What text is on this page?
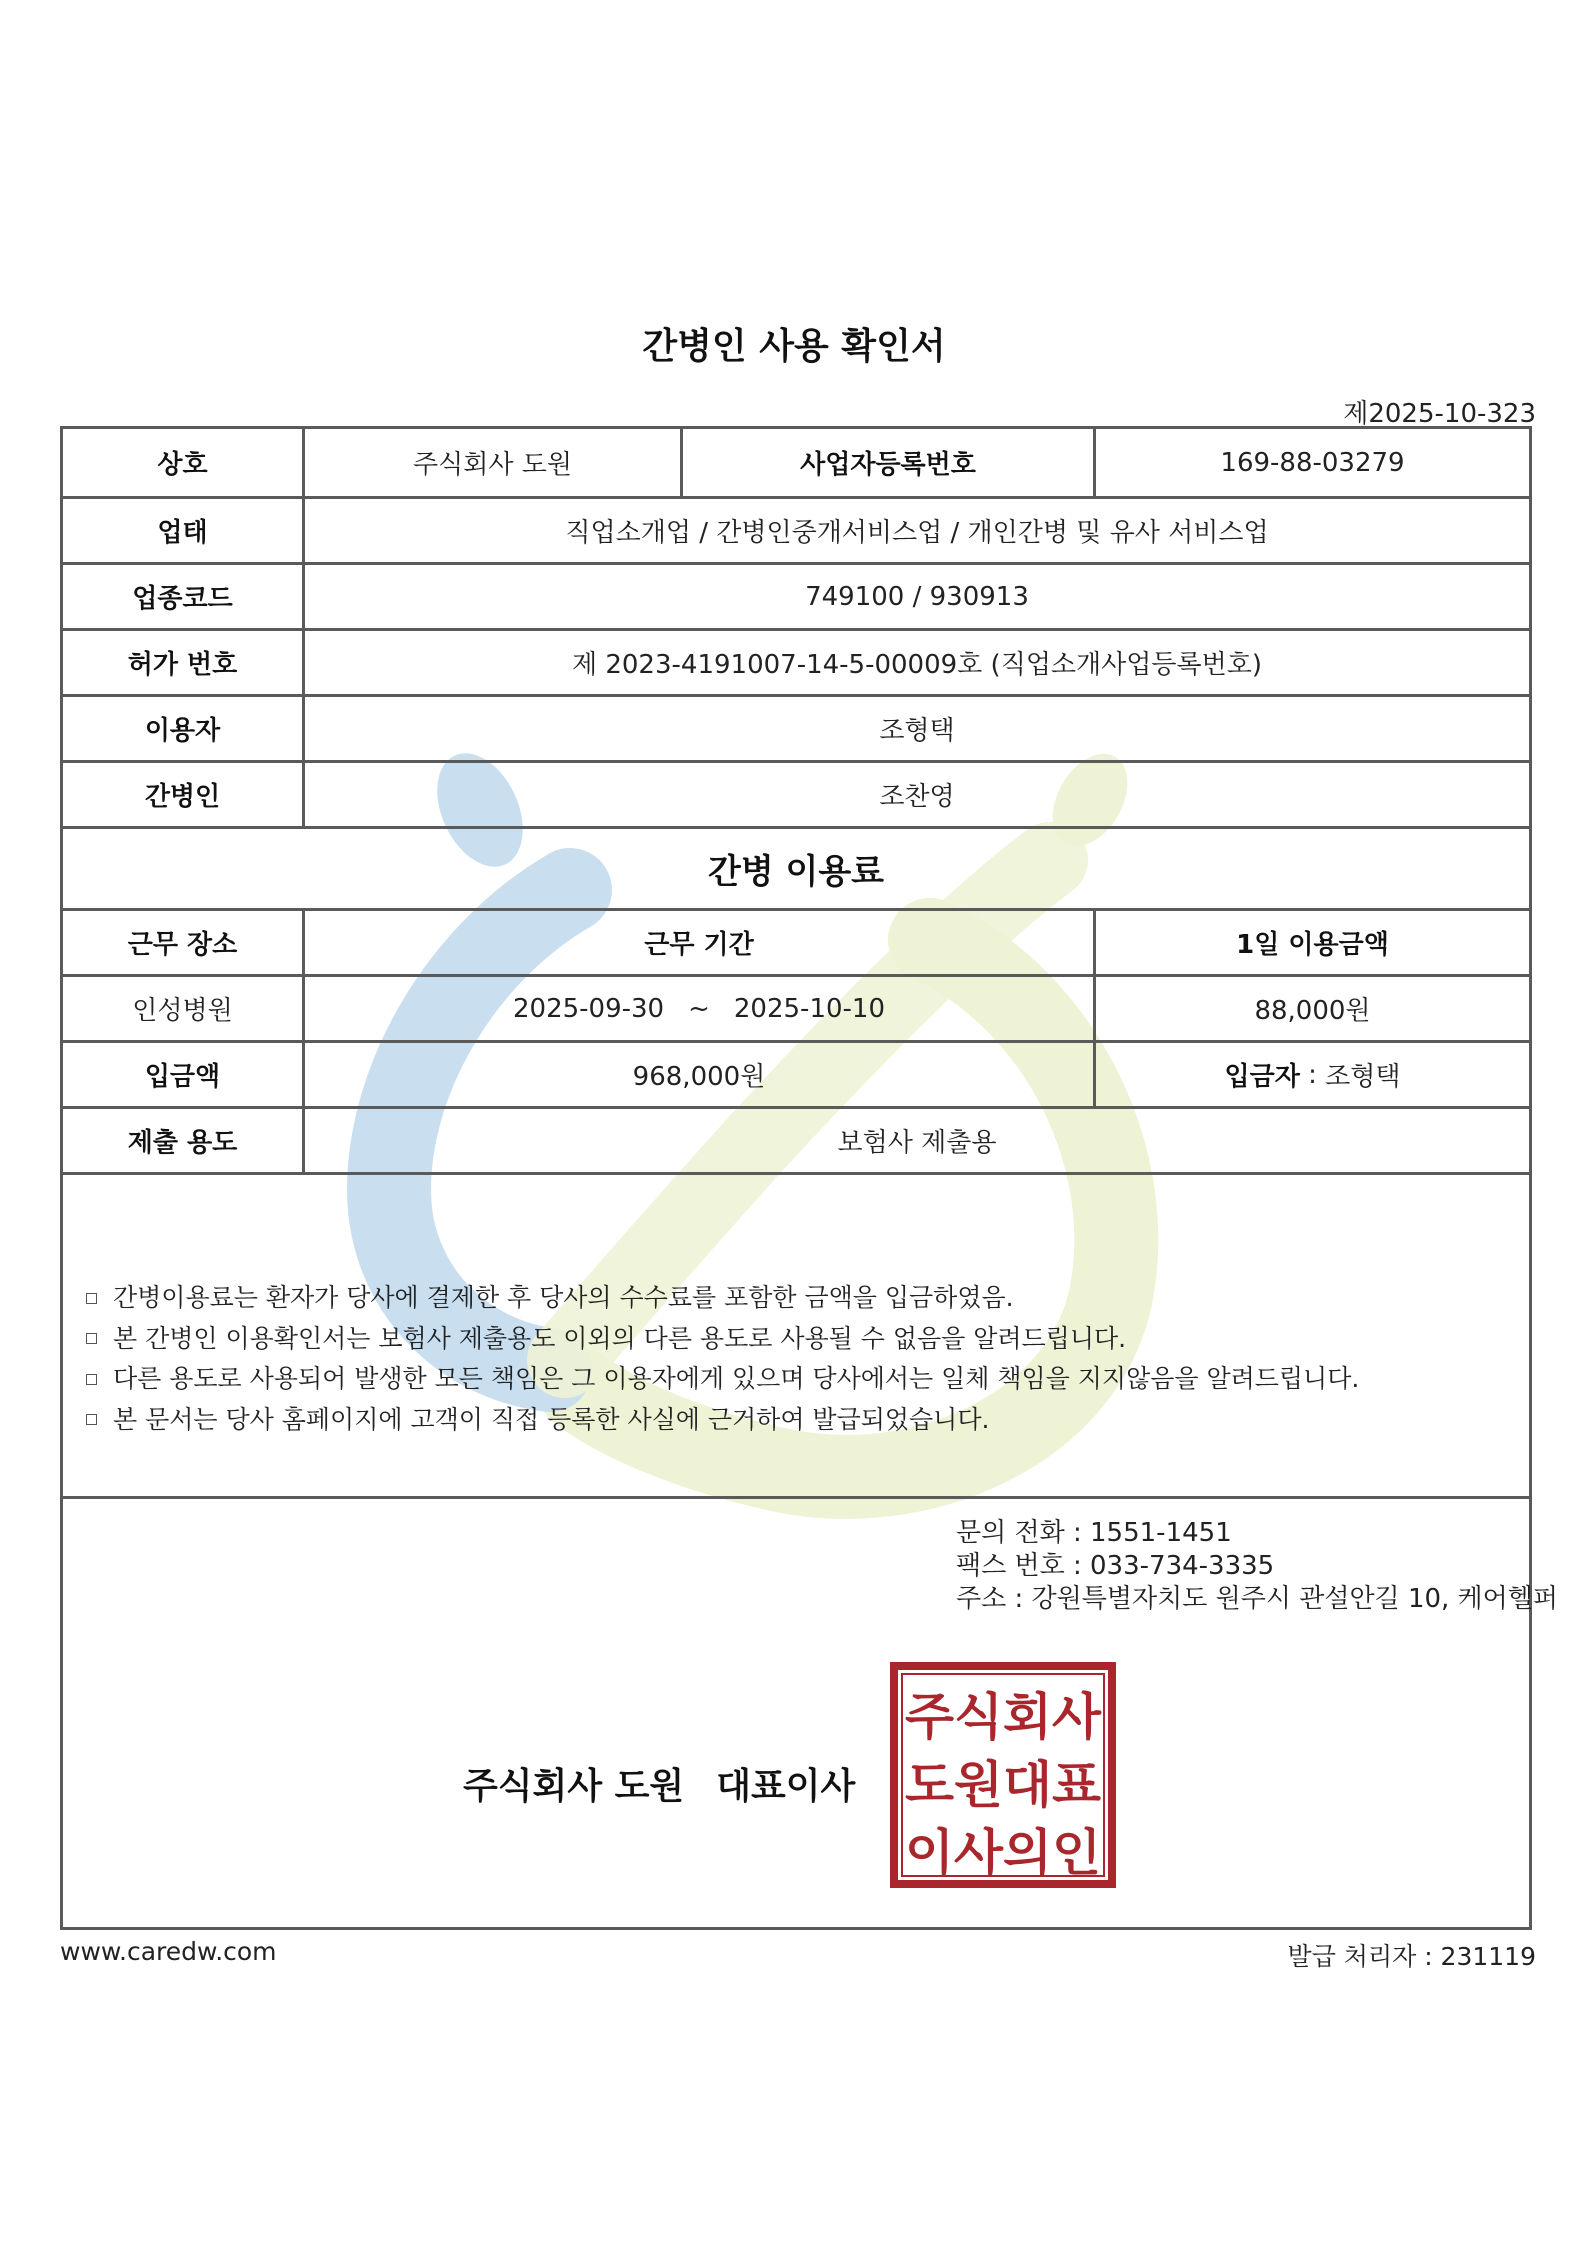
간병인 사용 확인서
제2025-10-323
상호	주식회사 도원	사업자등록번호	169-88-03279
업태	직업소개업 / 간병인중개서비스업 / 개인간병 및 유사 서비스업
업종코드	749100 / 930913
허가 번호	제 2023-4191007-14-5-00009호 (직업소개사업등록번호)
이용자	조형택
간병인	조찬영
간병 이용료
근무 장소	근무 기간	1일 이용금액
인성병원	2025-09-30 ~ 2025-10-10	88,000원
입금액	968,000원	입금자 : 조형택
제출 용도	보험사 제출용
간병이용료는 환자가 당사에 결제한 후 당사의 수수료를 포함한 금액을 입금하였음.
본 간병인 이용확인서는 보험사 제출용도 이외의 다른 용도로 사용될 수 없음을 알려드립니다.
다른 용도로 사용되어 발생한 모든 책임은 그 이용자에게 있으며 당사에서는 일체 책임을 지지않음을 알려드립니다.
본 문서는 당사 홈페이지에 고객이 직접 등록한 사실에 근거하여 발급되었습니다.
문의 전화 : 1551-1451
팩스 번호 : 033-734-3335
주소 : 강원특별자치도 원주시 관설안길 10, 케어헬퍼
주식회사 도원 대표이사
주식회사
도원대표
이사의인
www.caredw.com	발급 처리자 : 231119
